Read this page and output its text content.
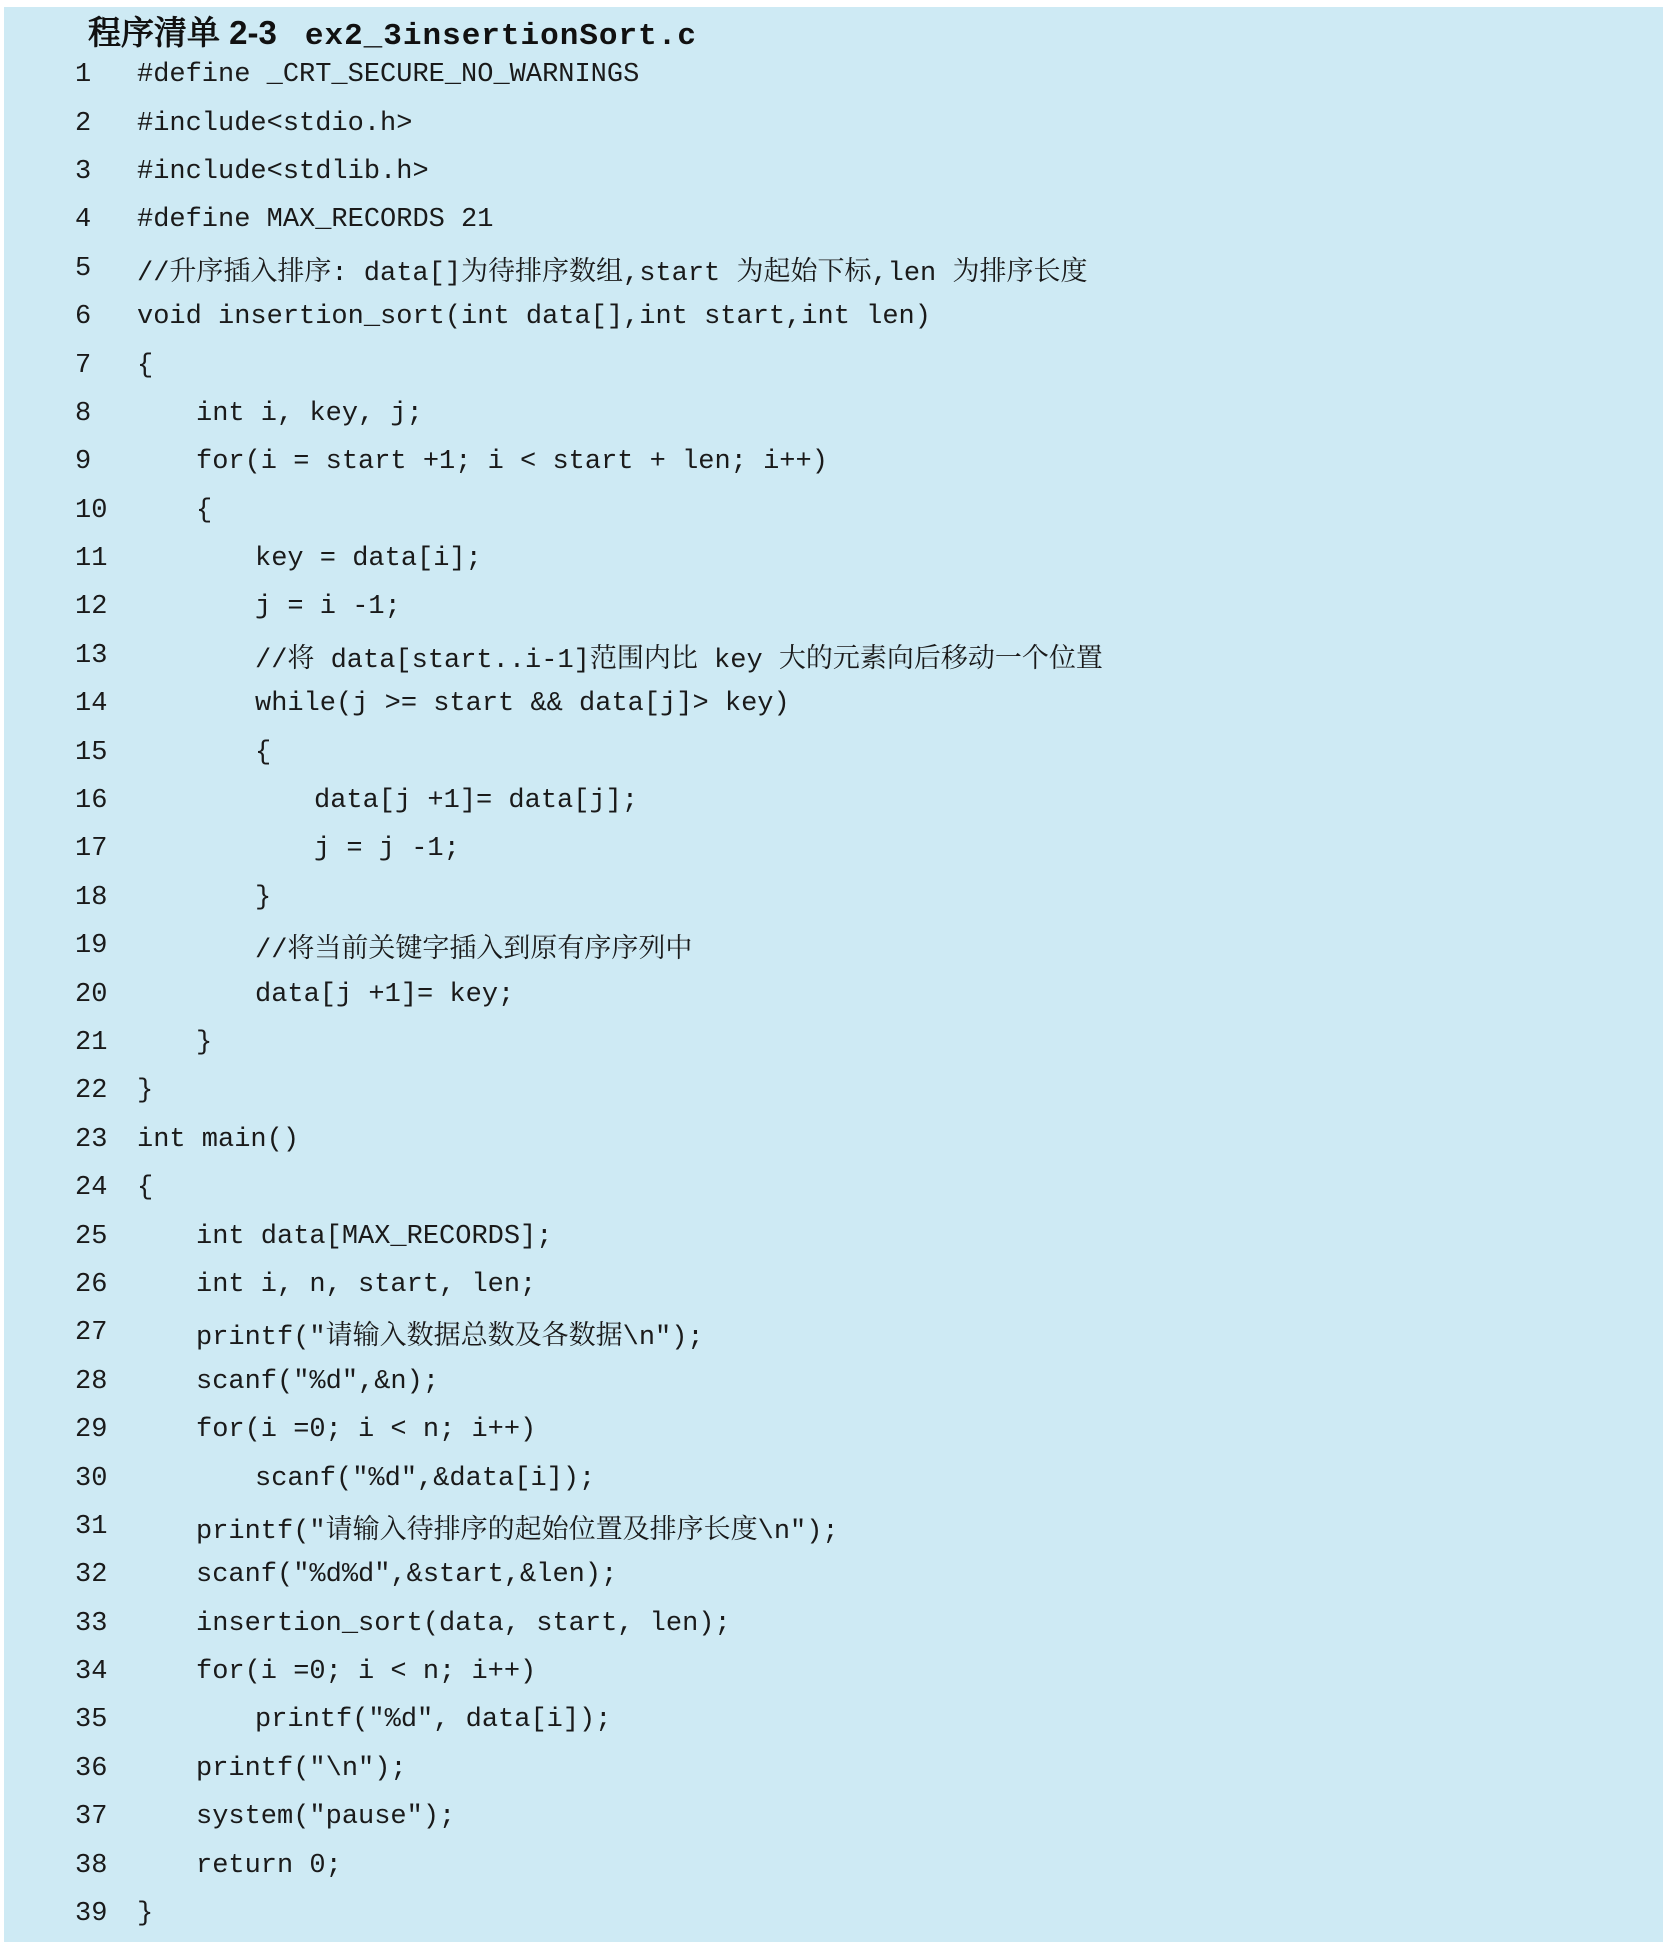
程序清单 2-3 ex2_3insertionSort.c
1	#define _CRT_SECURE_NO_WARNINGS
2	#include<stdio.h>
3	#include<stdlib.h>
4	#define MAX_RECORDS 21
5	//升序插入排序: data[]为待排序数组,start 为起始下标,len 为排序长度
6	void insertion_sort(int data[],int start,int len)
7	{
8	int i, key, j;
9	for(i = start +1; i < start + len; i++)
10	{
11	key = data[i];
12	j = i -1;
13	//将 data[start..i-1]范围内比 key 大的元素向后移动一个位置
14	while(j >= start && data[j]> key)
15	{
16	data[j +1]= data[j];
17	j = j -1;
18	}
19	//将当前关键字插入到原有序序列中
20	data[j +1]= key;
21	}
22	}
23	int main()
24	{
25	int data[MAX_RECORDS];
26	int i, n, start, len;
27	printf("请输入数据总数及各数据\n");
28	scanf("%d",&n);
29	for(i =0; i < n; i++)
30	scanf("%d",&data[i]);
31	printf("请输入待排序的起始位置及排序长度\n");
32	scanf("%d%d",&start,&len);
33	insertion_sort(data, start, len);
34	for(i =0; i < n; i++)
35	printf("%d", data[i]);
36	printf("\n");
37	system("pause");
38	return 0;
39	}
